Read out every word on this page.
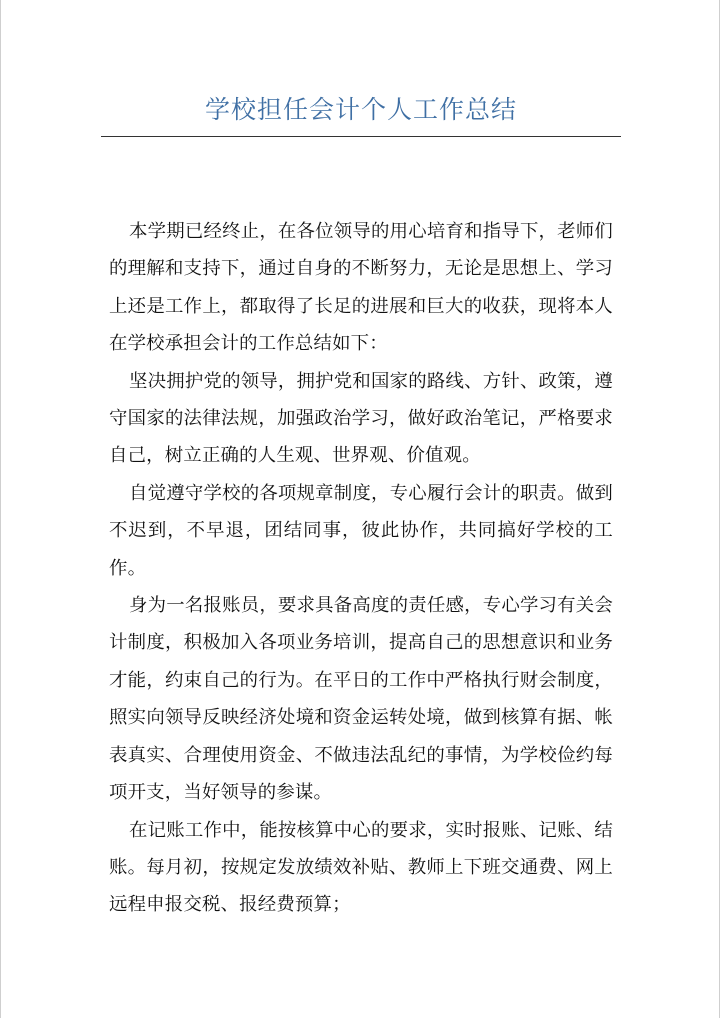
学校担任会计个人工作总结

本学期已经终止，在各位领导的用心培育和指导下，老师们的理解和支持下，通过自身的不断努力，无论是思想上、学习上还是工作上，都取得了长足的进展和巨大的收获，现将本人在学校承担会计的工作总结如下：

坚决拥护党的领导，拥护党和国家的路线、方针、政策，遵守国家的法律法规，加强政治学习，做好政治笔记，严格要求自己，树立正确的人生观、世界观、价值观。

自觉遵守学校的各项规章制度，专心履行会计的职责。做到不迟到，不早退，团结同事，彼此协作，共同搞好学校的工作。

身为一名报账员，要求具备高度的责任感，专心学习有关会计制度，积极加入各项业务培训，提高自己的思想意识和业务才能，约束自己的行为。在平日的工作中严格执行财会制度，照实向领导反映经济处境和资金运转处境，做到核算有据、帐表真实、合理使用资金、不做违法乱纪的事情，为学校俭约每项开支，当好领导的参谋。

在记账工作中，能按核算中心的要求，实时报账、记账、结账。每月初，按规定发放绩效补贴、教师上下班交通费、网上远程申报交税、报经费预算；
